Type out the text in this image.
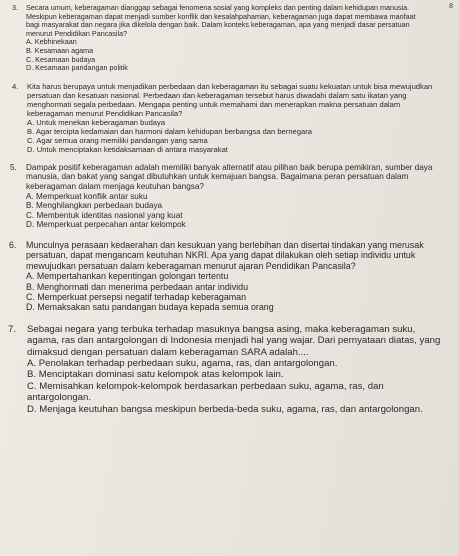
8
3.	Secara umum, keberagaman dianggap sebagai fenomena sosial yang kompleks dan penting dalam kehidupan manusia. Meskipun keberagaman dapat menjadi sumber konflik dan kesalahpahaman, keberagaman juga dapat membawa manfaat bagi masyarakat dan negara jika dikelola dengan baik. Dalam konteks keberagaman, apa yang menjadi dasar persatuan menurut Pendidikan Pancasila?

A. Kebhinekaan
B. Kesamaan agama
C. Kesamaan budaya
D. Kesamaan pandangan politik
4.	Kita harus berupaya untuk menjadikan perbedaan dan keberagaman itu sebagai suatu kekuatan untuk bisa mewujudkan persatuan dan kesatuan nasional. Perbedaan dan keberagaman tersebut harus diwadahi dalam satu ikatan yang menghormati segala perbedaan. Mengapa penting untuk memahami dan menerapkan makna persatuan dalam keberagaman menurut Pendidikan Pancasila?

A. Untuk menekan keberagaman budaya
B. Agar tercipta kedamaian dan harmoni dalam kehidupan berbangsa dan bernegara
C. Agar semua orang memiliki pandangan yang sama
D. Untuk menciptakan ketidaksamaan di antara masyarakat
5.	Dampak positif keberagaman adalah memiliki banyak alternatif atau pilihan baik berupa pemikiran, sumber daya manusia, dan bakat yang sangat dibutuhkan untuk kemajuan bangsa. Bagaimana peran persatuan dalam keberagaman dalam menjaga keutuhan bangsa?

A. Memperkuat konflik antar suku
B. Menghilangkan perbedaan budaya
C. Membentuk identitas nasional yang kuat
D. Memperkuat perpecahan antar kelompok
6.	Munculnya perasaan kedaerahan dan kesukuan yang berlebihan dan disertai tindakan yang merusak persatuan, dapat mengancam keutuhan NKRI. Apa yang dapat dilakukan oleh setiap individu untuk mewujudkan persatuan dalam keberagaman menurut ajaran Pendidikan Pancasila?

A. Mempertahankan kepentingan golongan tertentu
B. Menghormati dan menerima perbedaan antar individu
C. Memperkuat persepsi negatif terhadap keberagaman
D. Memaksakan satu pandangan budaya kepada semua orang
7.	Sebagai negara yang terbuka terhadap masuknya bangsa asing, maka keberagaman suku, agama, ras dan antargolongan di Indonesia menjadi hal yang wajar. Dari pernyataan diatas, yang dimaksud dengan persatuan dalam keberagaman SARA adalah....

A. Penolakan terhadap perbedaan suku, agama, ras, dan antargolongan.
B. Menciptakan dominasi satu kelompok atas kelompok lain.
C. Memisahkan kelompok-kelompok berdasarkan perbedaan suku, agama, ras, dan antargolongan.
D. Menjaga keutuhan bangsa meskipun berbeda-beda suku, agama, ras, dan antargolongan.
